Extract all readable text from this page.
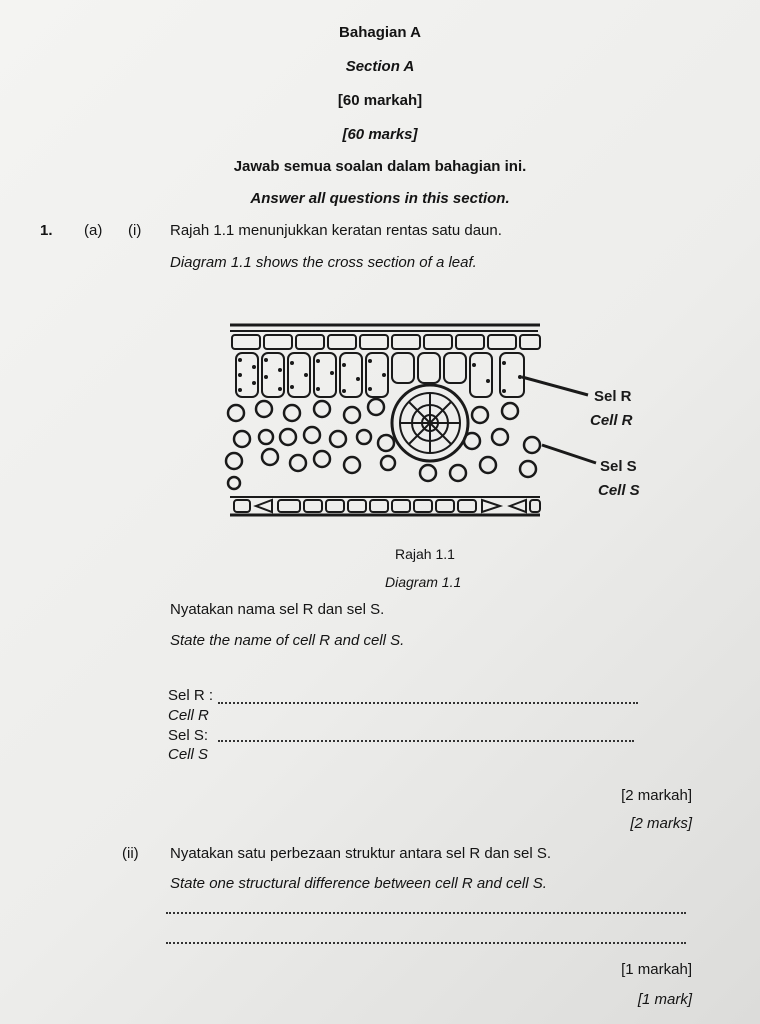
Bahagian A
Section A
[60 markah]
[60 marks]
Jawab semua soalan dalam bahagian ini.
Answer all questions in this section.
1. (a) (i) Rajah 1.1 menunjukkan keratan rentas satu daun.
Diagram 1.1 shows the cross section of a leaf.
Sel R
Cell R
Sel S
Cell S
Rajah 1.1
Diagram 1.1
Nyatakan nama sel R dan sel S.
State the name of cell R and cell S.
Sel R :
Cell R
Sel S:
Cell S
[2 markah]
[2 marks]
(ii) Nyatakan satu perbezaan struktur antara sel R dan sel S.
State one structural difference between cell R and cell S.
[1 markah]
[1 mark]
